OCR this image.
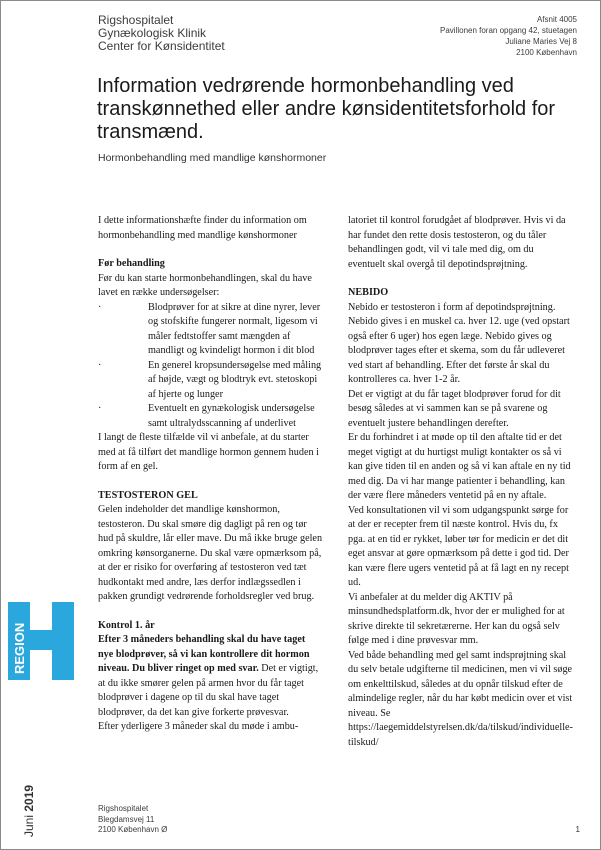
Rigshospitalet
Gynækologisk Klinik
Center for Kønsidentitet
Afsnit 4005
Pavillonen foran opgang 42, stuetagen
Juliane Maries Vej 8
2100 København
Information vedrørende hormonbehandling ved transkønnethed eller andre kønsidentitetsforhold for transmænd.
Hormonbehandling med mandlige kønshormoner

I dette informationshæfte finder du information om hormonbehandling med mandlige kønshormoner

Før behandling

Før du kan starte hormonbehandlingen, skal du have lavet en række undersøgelser:

·	Blodprøver for at sikre at dine nyrer, lever og stofskifte fungerer normalt, ligesom vi måler fedtstoffer samt mængden af mandligt og kvindeligt hormon i dit blod
·	En generel kropsundersøgelse med måling af højde, vægt og blodtryk evt. stetoskopi af hjerte og lunger
·	Eventuelt en gynækologisk undersøgelse samt ultralydsscanning af underlivet

I langt de fleste tilfælde vil vi anbefale, at du starter med at få tilført det mandlige hormon gennem huden i form af en gel.

TESTOSTERON GEL

Gelen indeholder det mandlige kønshormon, testosteron. Du skal smøre dig dagligt på ren og tør hud på skuldre, lår eller mave. Du må ikke bruge gelen omkring kønsorganerne. Du skal være opmærksom på, at der er risiko for overføring af testosteron ved tæt hudkontakt med andre, læs derfor indlægssedlen i pakken grundigt vedrørende forholdsregler ved brug.

Kontrol 1. år

Efter 3 måneders behandling skal du have taget nye blodprøver, så vi kan kontrollere dit hormon niveau. Du bliver ringet op med svar. Det er vigtigt, at du ikke smører gelen på armen hvor du får taget blodprøver i dagene op til du skal have taget blodprøver, da det kan give forkerte prøvesvar.

Efter yderligere 3 måneder skal du møde i ambu-

latoriet til kontrol forudgået af blodprøver. Hvis vi da har fundet den rette dosis testosteron, og du tåler behandlingen godt, vil vi tale med dig, om du eventuelt skal overgå til depotindsprøjtning.

NEBIDO

Nebido er testosteron i form af depotindsprøjtning. Nebido gives i en muskel ca. hver 12. uge (ved opstart også efter 6 uger) hos egen læge. Nebido gives og blodprøver tages efter et skema, som du får udleveret ved start af behandling. Efter det første år skal du kontrolleres ca. hver 1-2 år.

Det er vigtigt at du får taget blodprøver forud for dit besøg således at vi sammen kan se på svarene og eventuelt justere behandlingen derefter.

Er du forhindret i at møde op til den aftalte tid er det meget vigtigt at du hurtigst muligt kontakter os så vi kan give tiden til en anden og så vi kan aftale en ny tid med dig. Da vi har mange patienter i behandling, kan der være flere måneders ventetid på en ny aftale.

Ved konsultationen vil vi som udgangspunkt sørge for at der er recepter frem til næste kontrol. Hvis du, fx pga. at en tid er rykket, løber tør for medicin er det dit eget ansvar at gøre opmærksom på dette i god tid. Der kan være flere ugers ventetid på at få lagt en ny recept ud.

Vi anbefaler at du melder dig AKTIV på minsundhedsplatform.dk, hvor der er mulighed for at skrive direkte til sekretærerne. Her kan du også selv følge med i dine prøvesvar mm.

Ved både behandling med gel samt indsprøjtning skal du selv betale udgifterne til medicinen, men vi vil søge om enkelttilskud, således at du opnår tilskud efter de almindelige regler, når du har købt medicin over et vist niveau. Se https://laegemiddelstyrelsen.dk/da/tilskud/individuelle-tilskud/

REGION
Juni 2019	Rigshospitalet
Blegdamsvej 11
2100 København Ø	1
